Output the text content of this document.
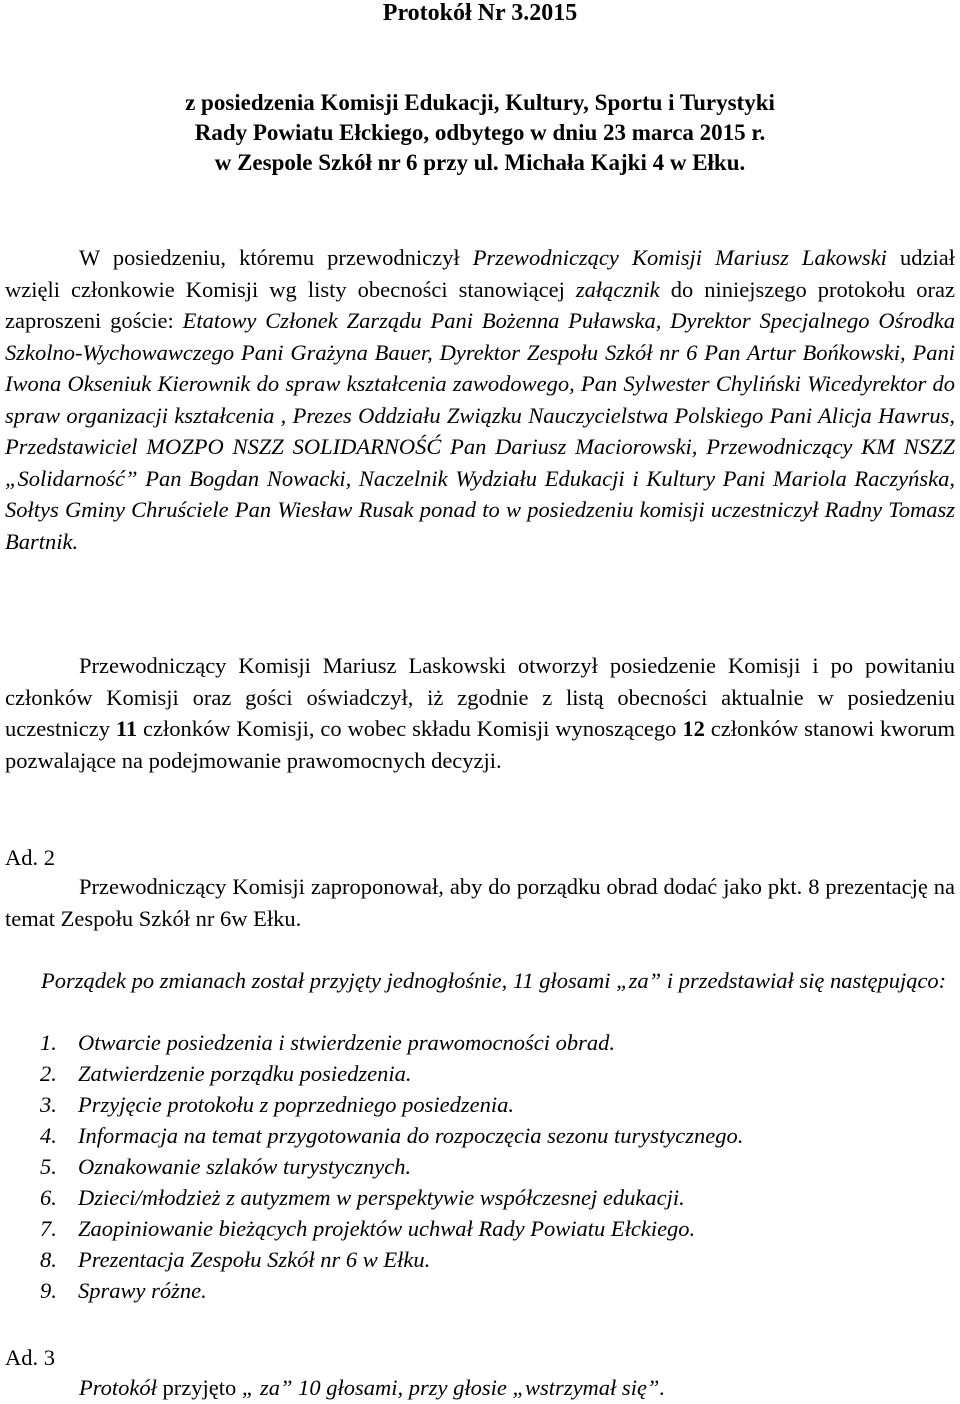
Protokół Nr 3.2015
z posiedzenia Komisji Edukacji, Kultury, Sportu i Turystyki
Rady Powiatu Ełckiego, odbytego w dniu 23 marca 2015 r.
w Zespole Szkół nr 6 przy ul. Michała Kajki 4 w Ełku.
W posiedzeniu, któremu przewodniczył Przewodniczący Komisji Mariusz Lakowski udział wzięli członkowie Komisji wg listy obecności stanowiącej załącznik do niniejszego protokołu oraz zaproszeni goście: Etatowy Członek Zarządu Pani Bożenna Puławska, Dyrektor Specjalnego Ośrodka Szkolno-Wychowawczego Pani Grażyna Bauer, Dyrektor Zespołu Szkół nr 6 Pan Artur Bońkowski, Pani Iwona Okseniuk Kierownik do spraw kształcenia zawodowego, Pan Sylwester Chyliński Wicedyrektor do spraw organizacji kształcenia , Prezes Oddziału Związku Nauczycielstwa Polskiego Pani Alicja Hawrus, Przedstawiciel MOZPO NSZZ SOLIDARNOŚĆ Pan Dariusz Maciorowski, Przewodniczący KM NSZZ „Solidarność” Pan Bogdan Nowacki, Naczelnik Wydziału Edukacji i Kultury Pani Mariola Raczyńska, Sołtys Gminy Chruściele Pan Wiesław Rusak ponad to w posiedzeniu komisji uczestniczył Radny Tomasz Bartnik.
Przewodniczący Komisji Mariusz Laskowski otworzył posiedzenie Komisji i po powitaniu członków Komisji oraz gości oświadczył, iż zgodnie z listą obecności aktualnie w posiedzeniu uczestniczy 11 członków Komisji, co wobec składu Komisji wynoszącego 12 członków stanowi kworum pozwalające na podejmowanie prawomocnych decyzji.
Ad. 2
Przewodniczący Komisji zaproponował, aby do porządku obrad dodać jako pkt. 8 prezentację na temat Zespołu Szkół nr 6w Ełku.
Porządek po zmianach został przyjęty jednogłośnie, 11 głosami „za” i przedstawiał się następująco:
1. Otwarcie posiedzenia i stwierdzenie prawomocności obrad.
2. Zatwierdzenie porządku posiedzenia.
3. Przyjęcie protokołu z poprzedniego posiedzenia.
4. Informacja na temat przygotowania do rozpoczęcia sezonu turystycznego.
5. Oznakowanie szlaków turystycznych.
6. Dzieci/młodzież z autyzmem w perspektywie współczesnej edukacji.
7. Zaopiniowanie bieżących projektów uchwał Rady Powiatu Ełckiego.
8. Prezentacja Zespołu Szkół nr 6 w Ełku.
9. Sprawy różne.
Ad. 3
Protokół przyjęto „ za” 10 głosami, przy głosie „wstrzymał się”.
